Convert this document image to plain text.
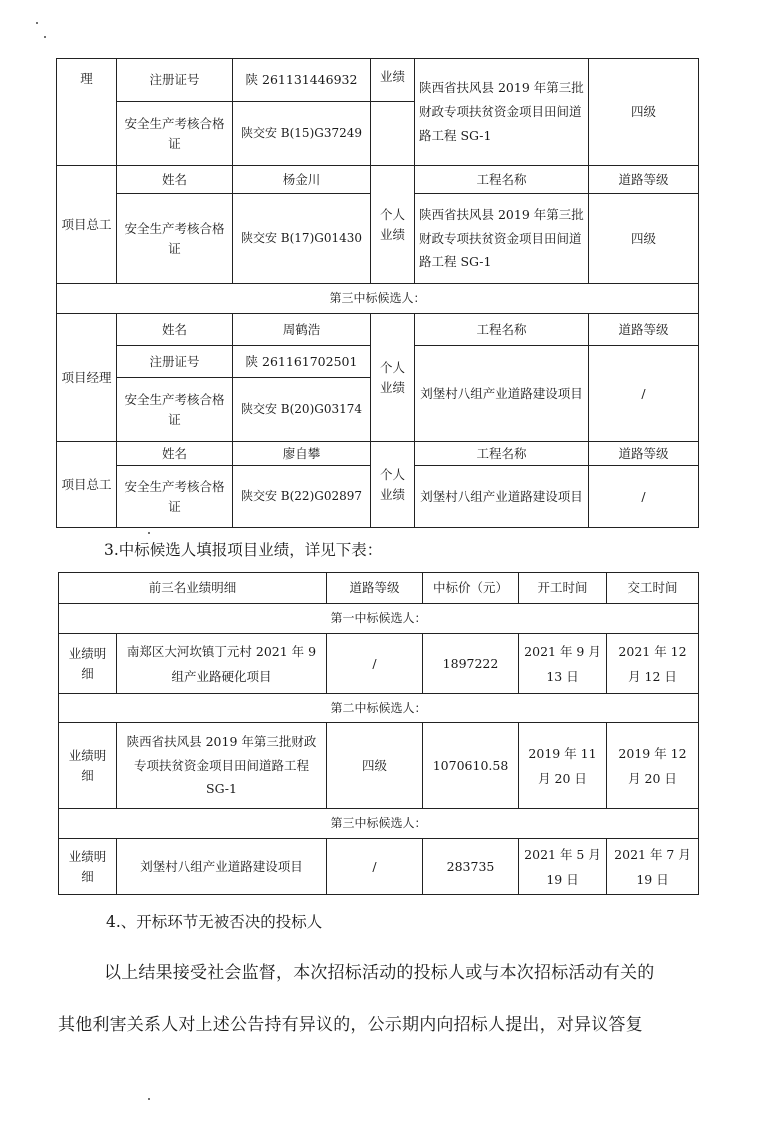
理	注册证号	陕 261131446932	业绩	陕西省扶风县 2019 年第三批财政专项扶贫资金项目田间道路工程 SG-1	四级
	安全生产考核合格证	陕交安 B(15)G37249			
项目总工	姓名	杨金川	个人业绩	工程名称	道路等级
	安全生产考核合格证	陕交安 B(17)G01430		陕西省扶风县 2019 年第三批财政专项扶贫资金项目田间道路工程 SG-1	四级
第三中标候选人：					
项目经理	姓名	周鹤浩	个人业绩	工程名称	道路等级
	注册证号	陕 261161702501		刘堡村八组产业道路建设项目	/
	安全生产考核合格证	陕交安 B(20)G03174			
项目总工	姓名	廖自攀	个人业绩	工程名称	道路等级
	安全生产考核合格证	陕交安 B(22)G02897		刘堡村八组产业道路建设项目	/
3.中标候选人填报项目业绩，详见下表：
前三名业绩明细		道路等级	中标价（元）	开工时间	交工时间
第一中标候选人：					
业绩明细	南郑区大河坎镇丁元村 2021 年 9 组产业路硬化项目	/	1897222	2021 年 9 月 13 日	2021 年 12 月 12 日
第二中标候选人：					
业绩明细	陕西省扶风县 2019 年第三批财政专项扶贫资金项目田间道路工程 SG-1	四级	1070610.58	2019 年 11 月 20 日	2019 年 12 月 20 日
第三中标候选人：					
业绩明细	刘堡村八组产业道路建设项目	/	283735	2021 年 5 月 19 日	2021 年 7 月 19 日
4.、开标环节无被否决的投标人
以上结果接受社会监督，本次招标活动的投标人或与本次招标活动有关的
其他利害关系人对上述公告持有异议的，公示期内向招标人提出，对异议答复
